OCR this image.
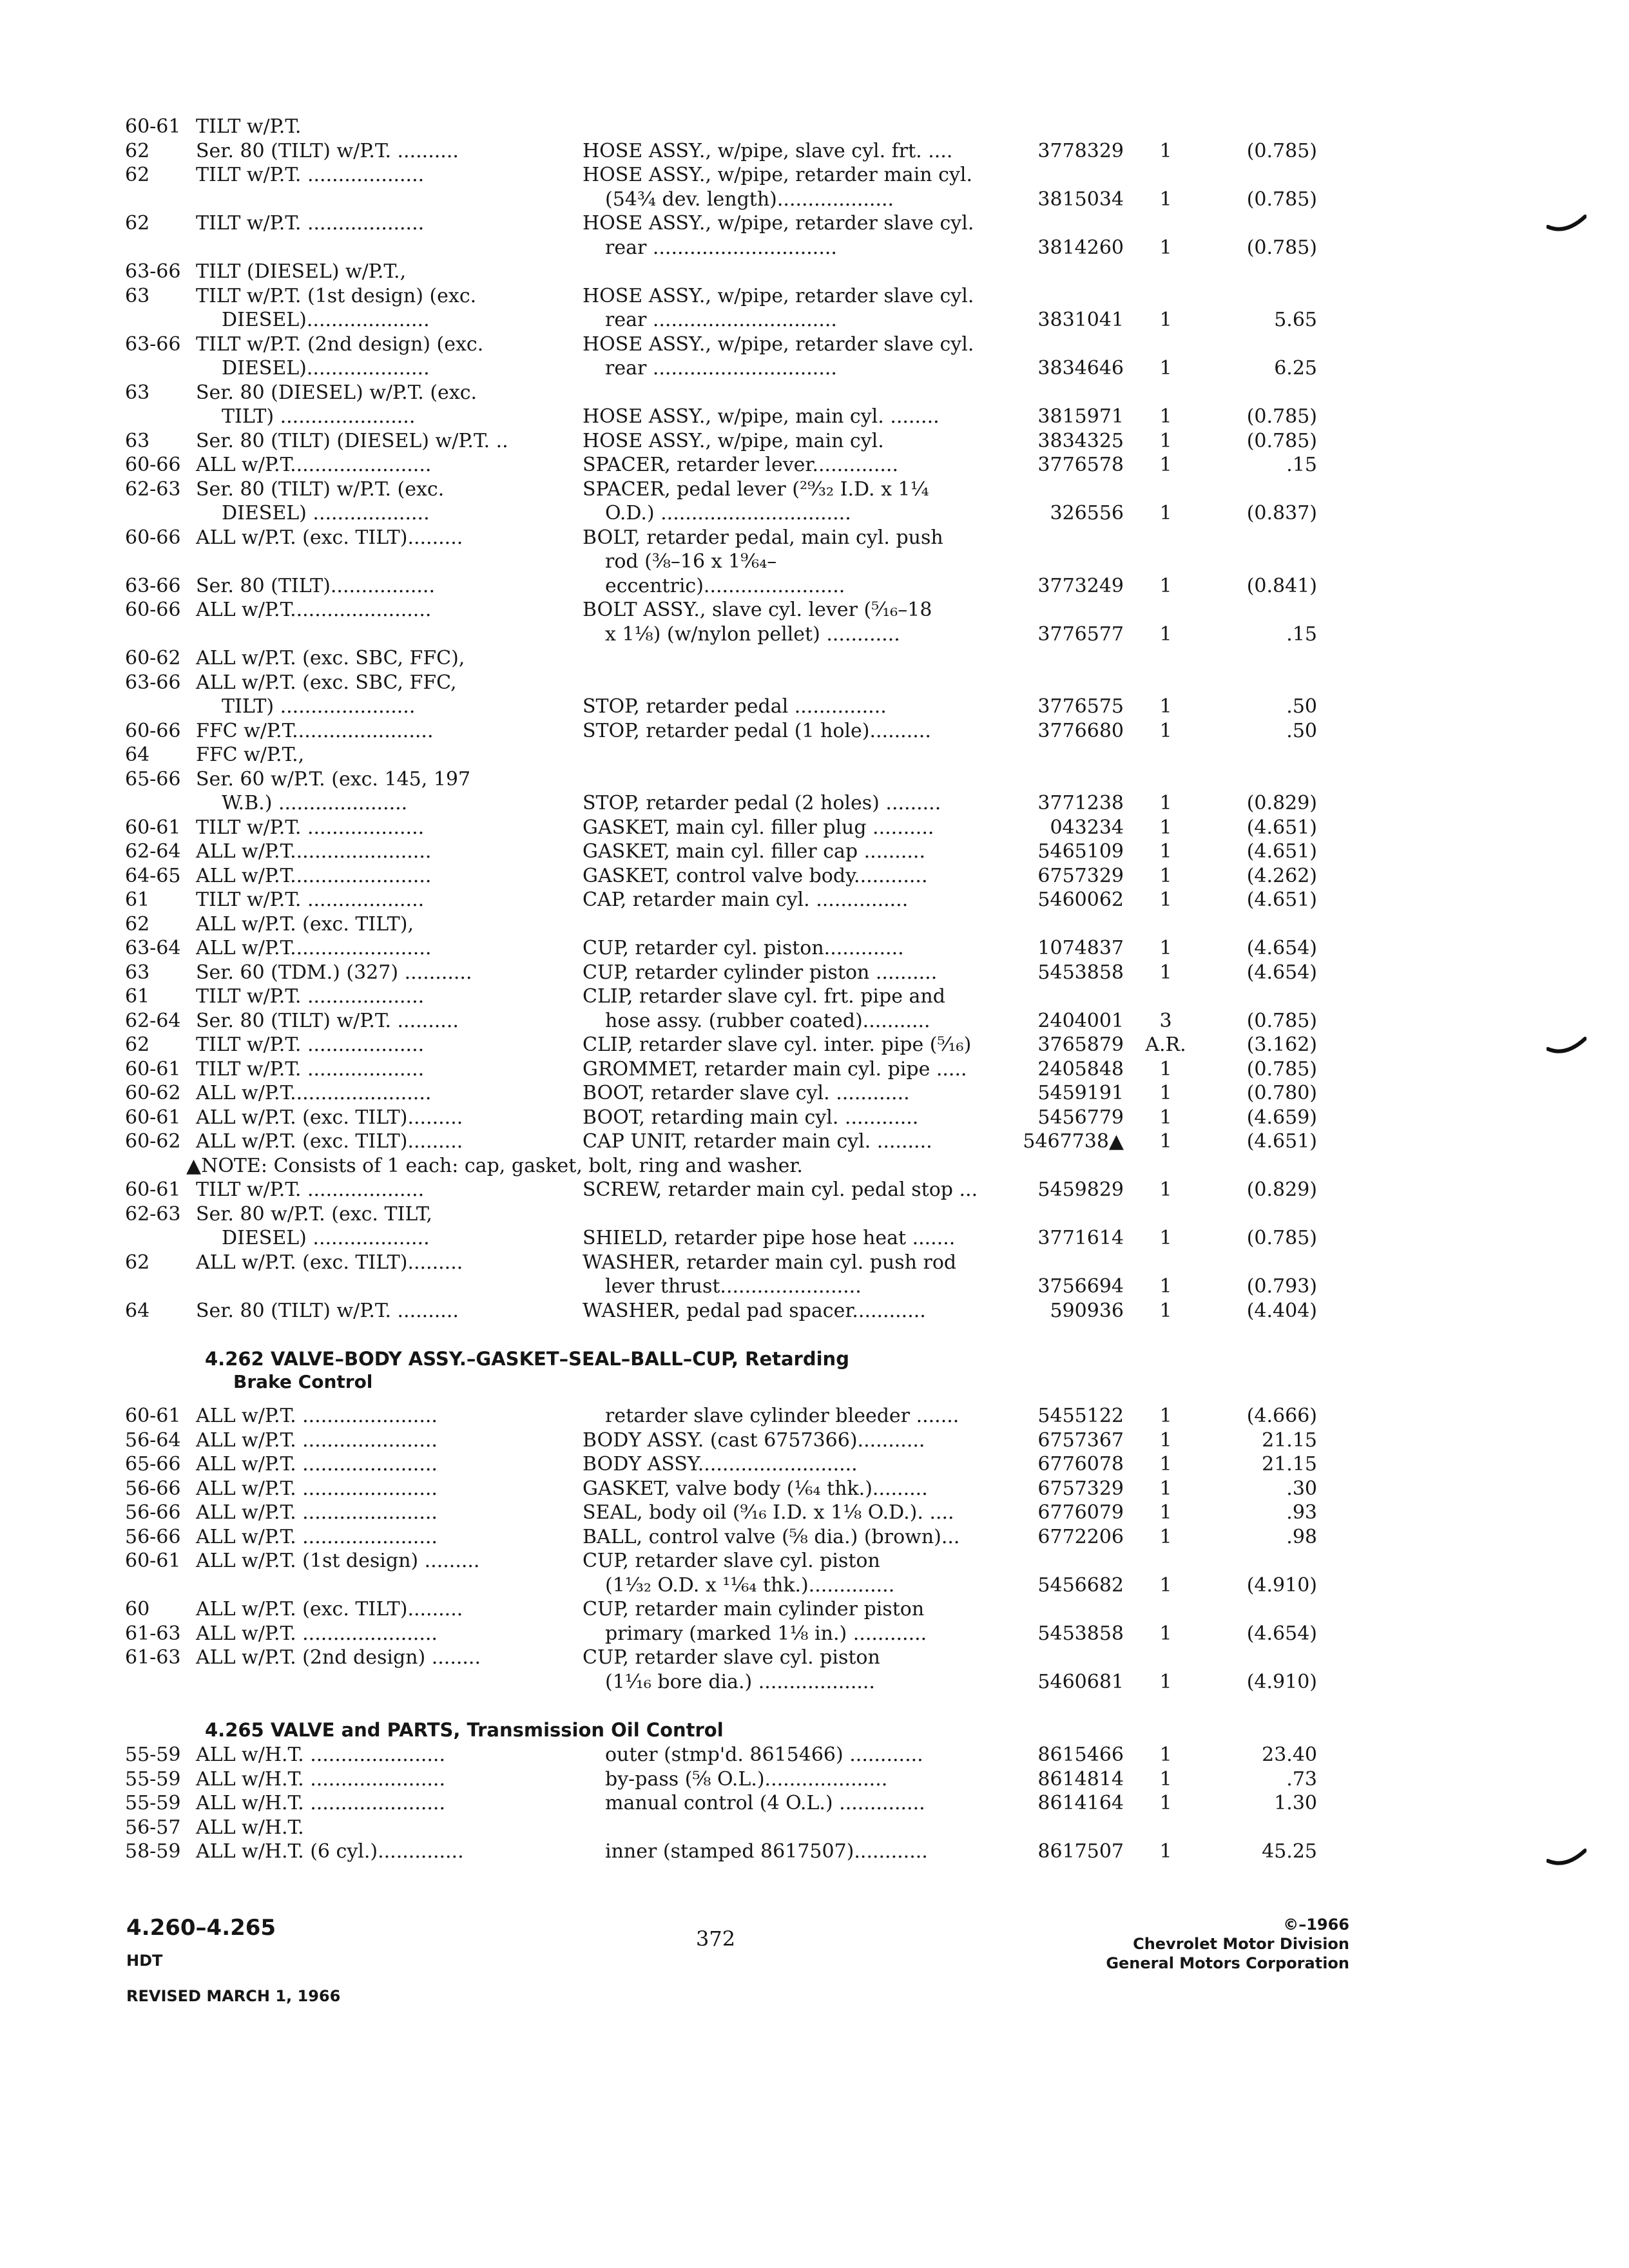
60-61 TILT w/P.T.
62 Ser. 80 (TILT) w/P.T. ..........	HOSE ASSY., w/pipe, slave cyl. frt. ....	3778329	1	(0.785)
62 TILT w/P.T. ...................	HOSE ASSY., w/pipe, retarder main cyl.
(54¾ dev. length)...................	3815034	1	(0.785)
62 TILT w/P.T. ...................	HOSE ASSY., w/pipe, retarder slave cyl.
rear ..............................	3814260	1	(0.785)
63-66 TILT (DIESEL) w/P.T.,
63 TILT w/P.T. (1st design) (exc.	HOSE ASSY., w/pipe, retarder slave cyl.
DIESEL)....................	rear ..............................	3831041	1	5.65
63-66 TILT w/P.T. (2nd design) (exc.	HOSE ASSY., w/pipe, retarder slave cyl.
DIESEL)....................	rear ..............................	3834646	1	6.25
63 Ser. 80 (DIESEL) w/P.T. (exc.
TILT) ......................	HOSE ASSY., w/pipe, main cyl. ........	3815971	1	(0.785)
63 Ser. 80 (TILT) (DIESEL) w/P.T. ..	HOSE ASSY., w/pipe, main cyl.	3834325	1	(0.785)
60-66 ALL w/P.T.......................	SPACER, retarder lever..............	3776578	1	.15
62-63 Ser. 80 (TILT) w/P.T. (exc.	SPACER, pedal lever (²⁹⁄₃₂ I.D. x 1¼
DIESEL) ...................	O.D.) ...............................	326556	1	(0.837)
60-66 ALL w/P.T. (exc. TILT).........	BOLT, retarder pedal, main cyl. push
rod (⅜–16 x 1⁹⁄₆₄–
63-66 Ser. 80 (TILT).................	eccentric).......................	3773249	1	(0.841)
60-66 ALL w/P.T.......................	BOLT ASSY., slave cyl. lever (⁵⁄₁₆–18
x 1⅛) (w/nylon pellet) ............	3776577	1	.15
60-62 ALL w/P.T. (exc. SBC, FFC),
63-66 ALL w/P.T. (exc. SBC, FFC,
TILT) ......................	STOP, retarder pedal ...............	3776575	1	.50
60-66 FFC w/P.T.......................	STOP, retarder pedal (1 hole)..........	3776680	1	.50
64 FFC w/P.T.,
65-66 Ser. 60 w/P.T. (exc. 145, 197
W.B.) .....................	STOP, retarder pedal (2 holes) .........	3771238	1	(0.829)
60-61 TILT w/P.T. ...................	GASKET, main cyl. filler plug ..........	043234	1	(4.651)
62-64 ALL w/P.T.......................	GASKET, main cyl. filler cap ..........	5465109	1	(4.651)
64-65 ALL w/P.T.......................	GASKET, control valve body............	6757329	1	(4.262)
61 TILT w/P.T. ...................	CAP, retarder main cyl. ...............	5460062	1	(4.651)
62 ALL w/P.T. (exc. TILT),
63-64 ALL w/P.T.......................	CUP, retarder cyl. piston.............	1074837	1	(4.654)
63 Ser. 60 (TDM.) (327) ...........	CUP, retarder cylinder piston ..........	5453858	1	(4.654)
61 TILT w/P.T. ...................	CLIP, retarder slave cyl. frt. pipe and
62-64 Ser. 80 (TILT) w/P.T. ..........	hose assy. (rubber coated)...........	2404001	3	(0.785)
62 TILT w/P.T. ...................	CLIP, retarder slave cyl. inter. pipe (⁵⁄₁₆)	3765879	A.R.	(3.162)
60-61 TILT w/P.T. ...................	GROMMET, retarder main cyl. pipe .....	2405848	1	(0.785)
60-62 ALL w/P.T.......................	BOOT, retarder slave cyl. ............	5459191	1	(0.780)
60-61 ALL w/P.T. (exc. TILT).........	BOOT, retarding main cyl. ............	5456779	1	(4.659)
60-62 ALL w/P.T. (exc. TILT).........	CAP UNIT, retarder main cyl. .........	5467738▲	1	(4.651)
▲NOTE: Consists of 1 each: cap, gasket, bolt, ring and washer.
60-61 TILT w/P.T. ...................	SCREW, retarder main cyl. pedal stop ...	5459829	1	(0.829)
62-63 Ser. 80 w/P.T. (exc. TILT,
DIESEL) ...................	SHIELD, retarder pipe hose heat .......	3771614	1	(0.785)
62 ALL w/P.T. (exc. TILT).........	WASHER, retarder main cyl. push rod
lever thrust.......................	3756694	1	(0.793)
64 Ser. 80 (TILT) w/P.T. ..........	WASHER, pedal pad spacer............	590936	1	(4.404)
4.262 VALVE–BODY ASSY.–GASKET–SEAL–BALL–CUP, Retarding
Brake Control
60-61 ALL w/P.T. ......................	retarder slave cylinder bleeder .......	5455122	1	(4.666)
56-64 ALL w/P.T. ......................	BODY ASSY. (cast 6757366)...........	6757367	1	21.15
65-66 ALL w/P.T. ......................	BODY ASSY..........................	6776078	1	21.15
56-66 ALL w/P.T. ......................	GASKET, valve body (¹⁄₆₄ thk.).........	6757329	1	.30
56-66 ALL w/P.T. ......................	SEAL, body oil (⁹⁄₁₆ I.D. x 1⅛ O.D.). ....	6776079	1	.93
56-66 ALL w/P.T. ......................	BALL, control valve (⅝ dia.) (brown)...	6772206	1	.98
60-61 ALL w/P.T. (1st design) .........	CUP, retarder slave cyl. piston
(1⅟₃₂ O.D. x ¹¹⁄₆₄ thk.)..............	5456682	1	(4.910)
60 ALL w/P.T. (exc. TILT).........	CUP, retarder main cylinder piston
61-63 ALL w/P.T. ......................	primary (marked 1⅛ in.) ............	5453858	1	(4.654)
61-63 ALL w/P.T. (2nd design) ........	CUP, retarder slave cyl. piston
(1⅟₁₆ bore dia.) ...................	5460681	1	(4.910)
4.265 VALVE and PARTS, Transmission Oil Control
55-59 ALL w/H.T. ......................	outer (stmp'd. 8615466) ............	8615466	1	23.40
55-59 ALL w/H.T. ......................	by-pass (⅝ O.L.)....................	8614814	1	.73
55-59 ALL w/H.T. ......................	manual control (4 O.L.) ..............	8614164	1	1.30
56-57 ALL w/H.T.
58-59 ALL w/H.T. (6 cyl.)..............	inner (stamped 8617507)............	8617507	1	45.25
4.260–4.265
HDT
REVISED MARCH 1, 1966
372
©–1966
Chevrolet Motor Division
General Motors Corporation
